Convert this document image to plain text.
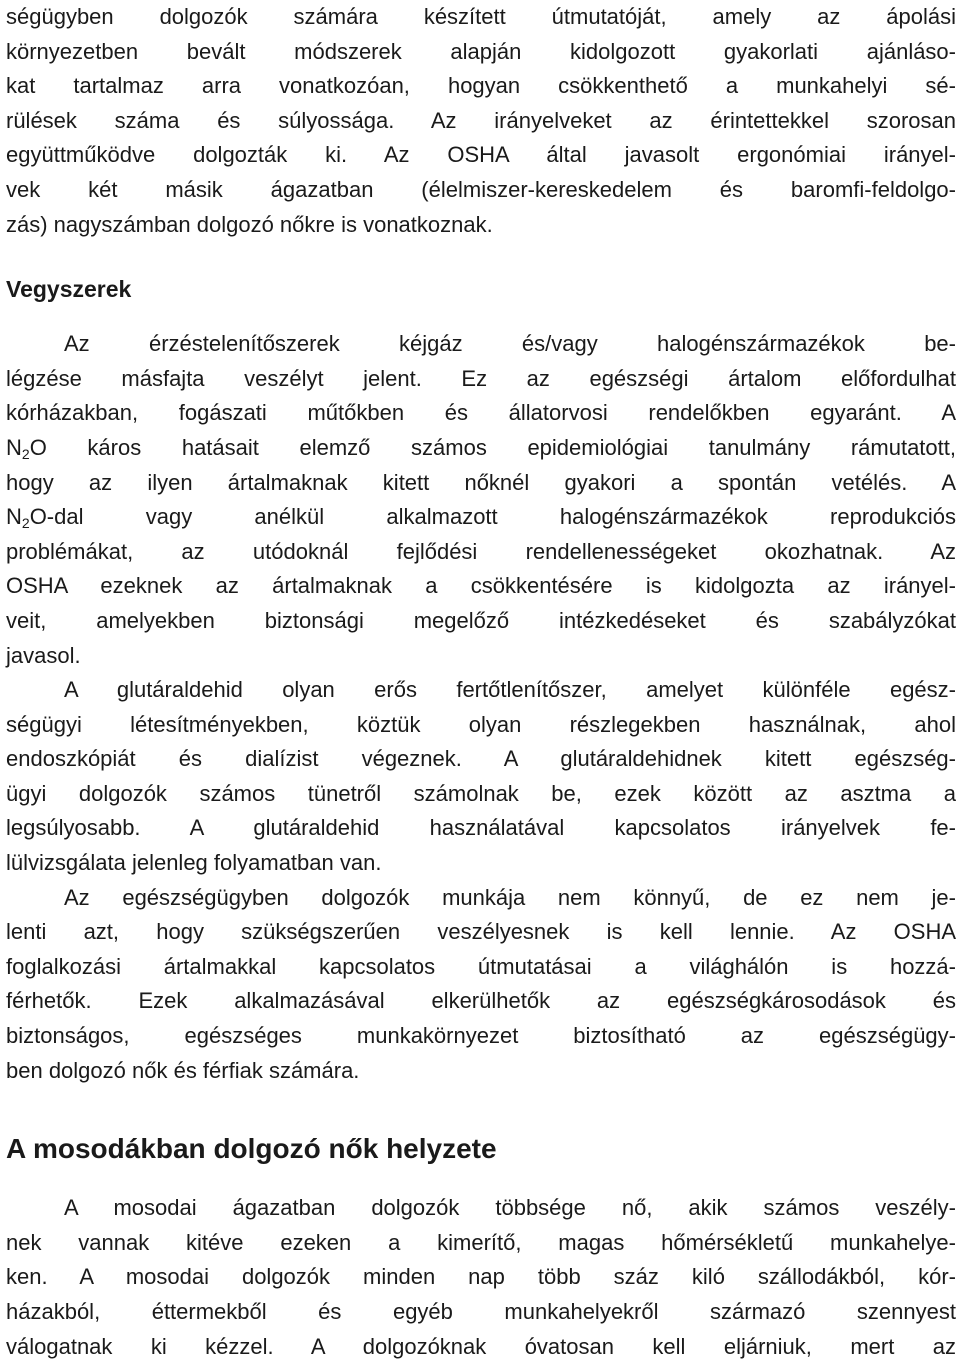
ségügyben dolgozók számára készített útmutatóját, amely az ápolási
környezetben bevált módszerek alapján kidolgozott gyakorlati ajánláso-
kat tartalmaz arra vonatkozóan, hogyan csökkenthető a munkahelyi sé-
rülések száma és súlyossága. Az irányelveket az érintettekkel szorosan
együttműködve dolgozták ki. Az OSHA által javasolt ergonómiai irányel-
vek két másik ágazatban (élelmiszer-kereskedelem és baromfi-feldolgo-
zás) nagyszámban dolgozó nőkre is vonatkoznak.
Vegyszerek
Az érzéstelenítőszerek kéjgáz és/vagy halogénszármazékok be-
légzése másfajta veszélyt jelent. Ez az egészségi ártalom előfordulhat
kórházakban, fogászati műtőkben és állatorvosi rendelőkben egyaránt. A
$N_2O$ káros hatásait elemző számos epidemiológiai tanulmány rámutatott,
hogy az ilyen ártalmaknak kitett nőknél gyakori a spontán vetélés. A
$N_2O$-dal vagy anélkül alkalmazott halogénszármazékok reprodukciós
problémákat, az utódoknál fejlődési rendellenességeket okozhatnak. Az
OSHA ezeknek az ártalmaknak a csökkentésére is kidolgozta az irányel-
veit, amelyekben biztonsági megelőző intézkedéseket és szabályzókat
javasol.
A glutáraldehid olyan erős fertőtlenítőszer, amelyet különféle egész-
ségügyi létesítményekben, köztük olyan részlegekben használnak, ahol
endoszkópiát és dialízist végeznek. A glutáraldehidnek kitett egészség-
ügyi dolgozók számos tünetről számolnak be, ezek között az asztma a
legsúlyosabb. A glutáraldehid használatával kapcsolatos irányelvek fe-
lülvizsgálata jelenleg folyamatban van.
Az egészségügyben dolgozók munkája nem könnyű, de ez nem je-
lenti azt, hogy szükségszerűen veszélyesnek is kell lennie. Az OSHA
foglalkozási ártalmakkal kapcsolatos útmutatásai a világhálón is hozzá-
férhetők. Ezek alkalmazásával elkerülhetők az egészségkárosodások és
biztonságos, egészséges munkakörnyezet biztosítható az egészségügy-
ben dolgozó nők és férfiak számára.
A mosodákban dolgozó nők helyzete
A mosodai ágazatban dolgozók többsége nő, akik számos veszély-
nek vannak kitéve ezeken a kimerítő, magas hőmérsékletű munkahelye-
ken. A mosodai dolgozók minden nap több száz kiló szállodákból, kór-
házakból, éttermekből és egyéb munkahelyekről származó szennyest
válogatnak ki kézzel. A dolgozóknak óvatosan kell eljárniuk, mert az
